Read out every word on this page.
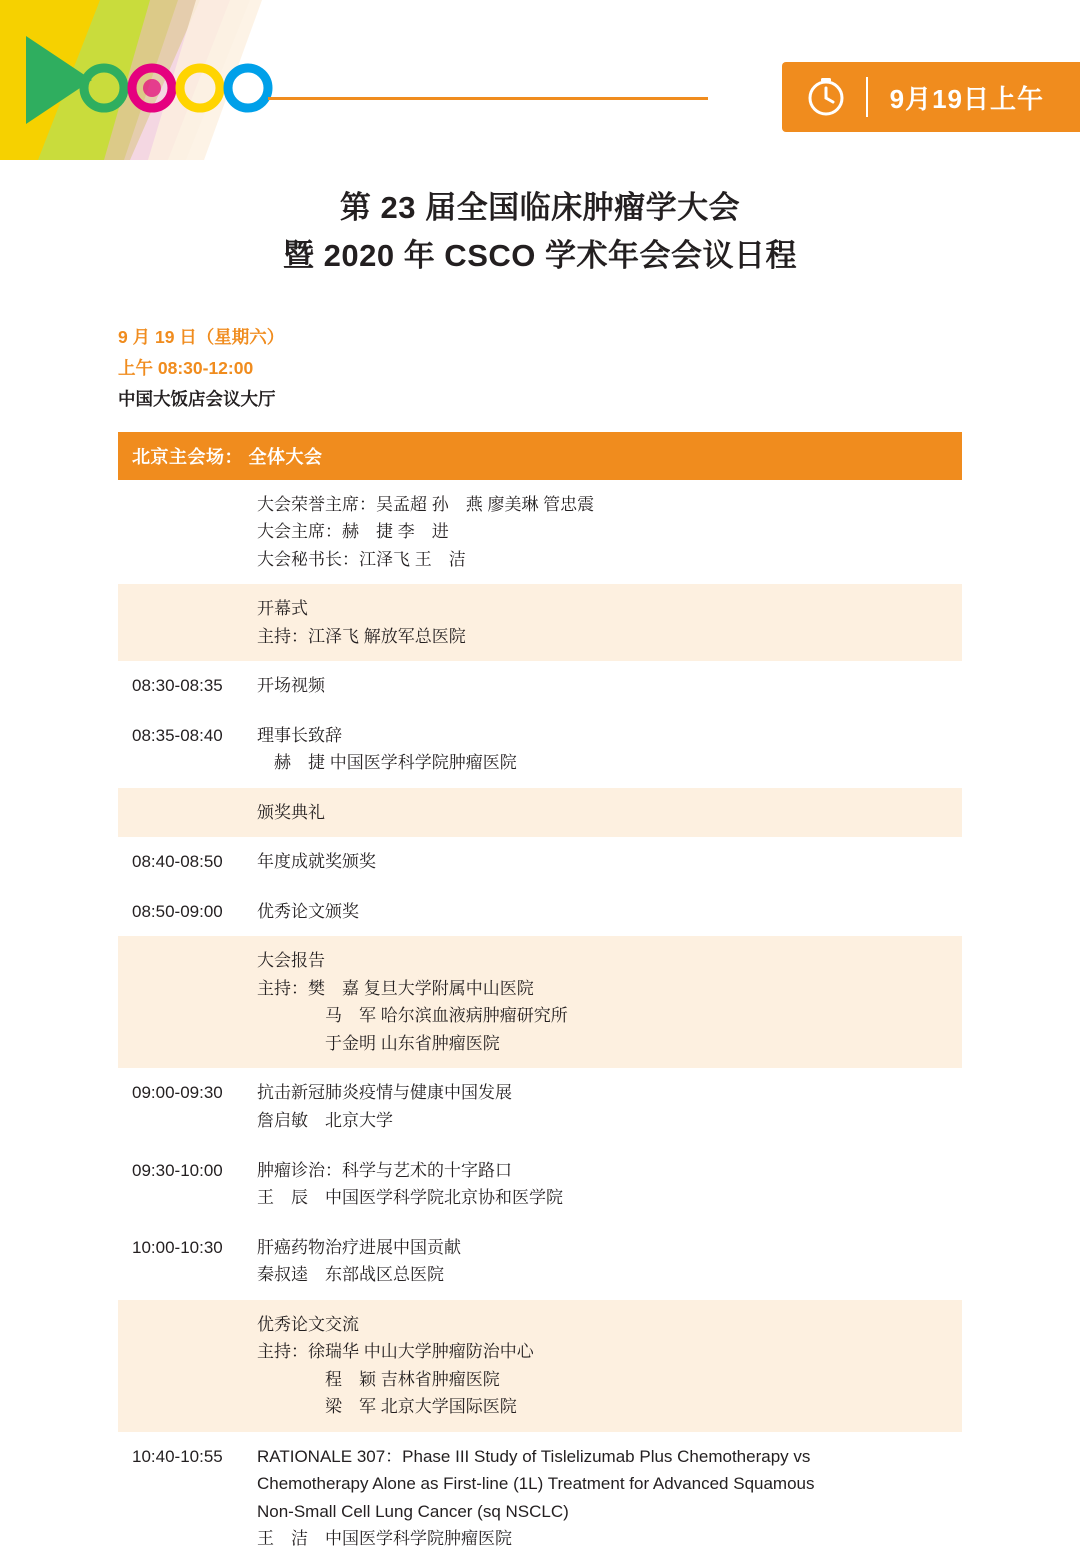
9月19日上午
第 23 届全国临床肿瘤学大会
暨 2020 年 CSCO 学术年会会议日程
9 月 19 日（星期六）
上午 08:30-12:00
中国大饭店会议大厅
北京主会场： 全体大会
大会荣誉主席：吴孟超 孙　燕 廖美琳 管忠震
大会主席：赫　捷 李　进
大会秘书长：江泽飞 王　洁
开幕式
主持：江泽飞 解放军总医院
08:30-08:35	开场视频
08:35-08:40	理事长致辞
　赫　捷 中国医学科学院肿瘤医院
颁奖典礼
08:40-08:50	年度成就奖颁奖
08:50-09:00	优秀论文颁奖
大会报告
主持：樊　嘉 复旦大学附属中山医院
　　　　马　军 哈尔滨血液病肿瘤研究所
　　　　于金明 山东省肿瘤医院
09:00-09:30	抗击新冠肺炎疫情与健康中国发展
詹启敏　北京大学
09:30-10:00	肿瘤诊治：科学与艺术的十字路口
王　辰　中国医学科学院北京协和医学院
10:00-10:30	肝癌药物治疗进展中国贡献
秦叔逵　东部战区总医院
优秀论文交流
主持：徐瑞华 中山大学肿瘤防治中心
　　　　程　颖 吉林省肿瘤医院
　　　　梁　军 北京大学国际医院
10:40-10:55	RATIONALE 307：Phase III Study of Tislelizumab Plus Chemotherapy vs
Chemotherapy Alone as First-line (1L) Treatment for Advanced Squamous
Non-Small Cell Lung Cancer (sq NSCLC)
王　洁　中国医学科学院肿瘤医院
